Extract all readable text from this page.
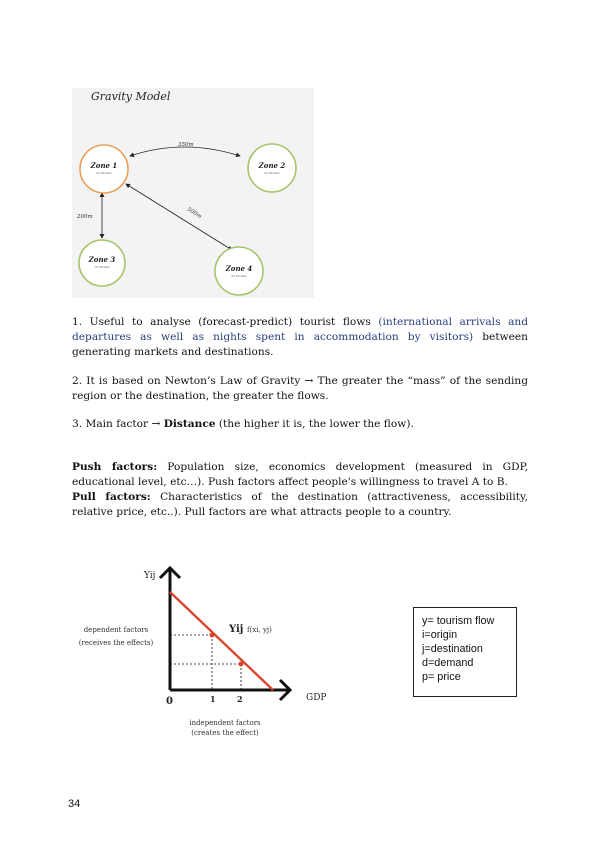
Gravity Model
350m
200m	500m
Zone 1
20 Mvisits
Zone 2
20 Mvisits
Zone 3
15 Mvisits	Zone 4
20 Mvisits
1. Useful to analyse (forecast-predict) tourist flows (international arrivals and departures as well as nights spent in accommodation by visitors) between generating markets and destinations.
2. It is based on Newton’s Law of Gravity → The greater the “mass” of the sending region or the destination, the greater the flows.
3. Main factor → Distance (the higher it is, the lower the flow).
Push factors: Population size, economics development (measured in GDP, educational level, etc…). Push factors affect people's willingness to travel A to B.
Pull factors: Characteristics of the destination (attractiveness, accessibility, relative price, etc..). Pull factors are what attracts people to a country.
Yij
GDP
0	1	2
Yij f(xi, yj)
dependent factors
(receives the effects)
independent factors
(creates the effect)
y= tourism flow
i=origin
j=destination
d=demand
p= price
34
